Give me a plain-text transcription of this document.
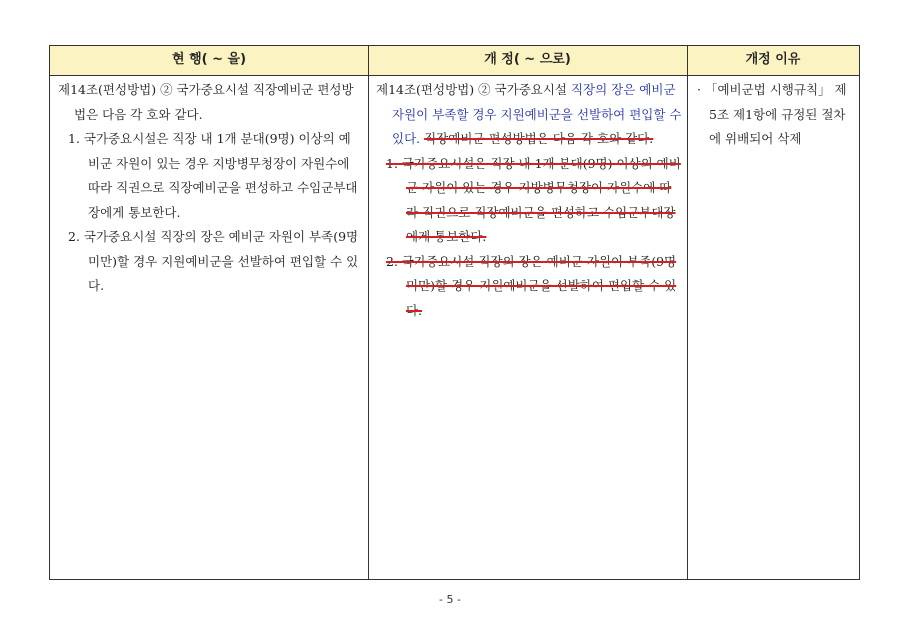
현 행( ~ 을)	개 정( ~ 으로)	개정 이유
제14조(편성방법) ② 국가중요시설 직장예비군 편성방법은 다음 각 호와 같다.
1. 국가중요시설은 직장 내 1개 분대(9명) 이상의 예비군 자원이 있는 경우 지방병무청장이 자원수에 따라 직권으로 직장예비군을 편성하고 수임군부대장에게 통보한다.
2. 국가중요시설 직장의 장은 예비군 자원이 부족(9명 미만)할 경우 지원예비군을 선발하여 편입할 수 있다.
제14조(편성방법) ② 국가중요시설 직장의 장은 예비군 자원이 부족할 경우 지원예비군을 선발하여 편입할 수 있다. 직장예비군 편성방법은 다음 각 호와 같다.
1. 국가중요시설은 직장 내 1개 분대(9명) 이상의 예비군 자원이 있는 경우 지방병무청장이 자원수에 따라 직권으로 직장예비군을 편성하고 수임군부대장에게 통보한다.
2. 국가중요시설 직장의 장은 예비군 자원이 부족(9명 미만)할 경우 지원예비군을 선발하여 편입할 수 있다.
· 「예비군법 시행규칙」 제5조 제1항에 규정된 절차에 위배되어 삭제
- 5 -
